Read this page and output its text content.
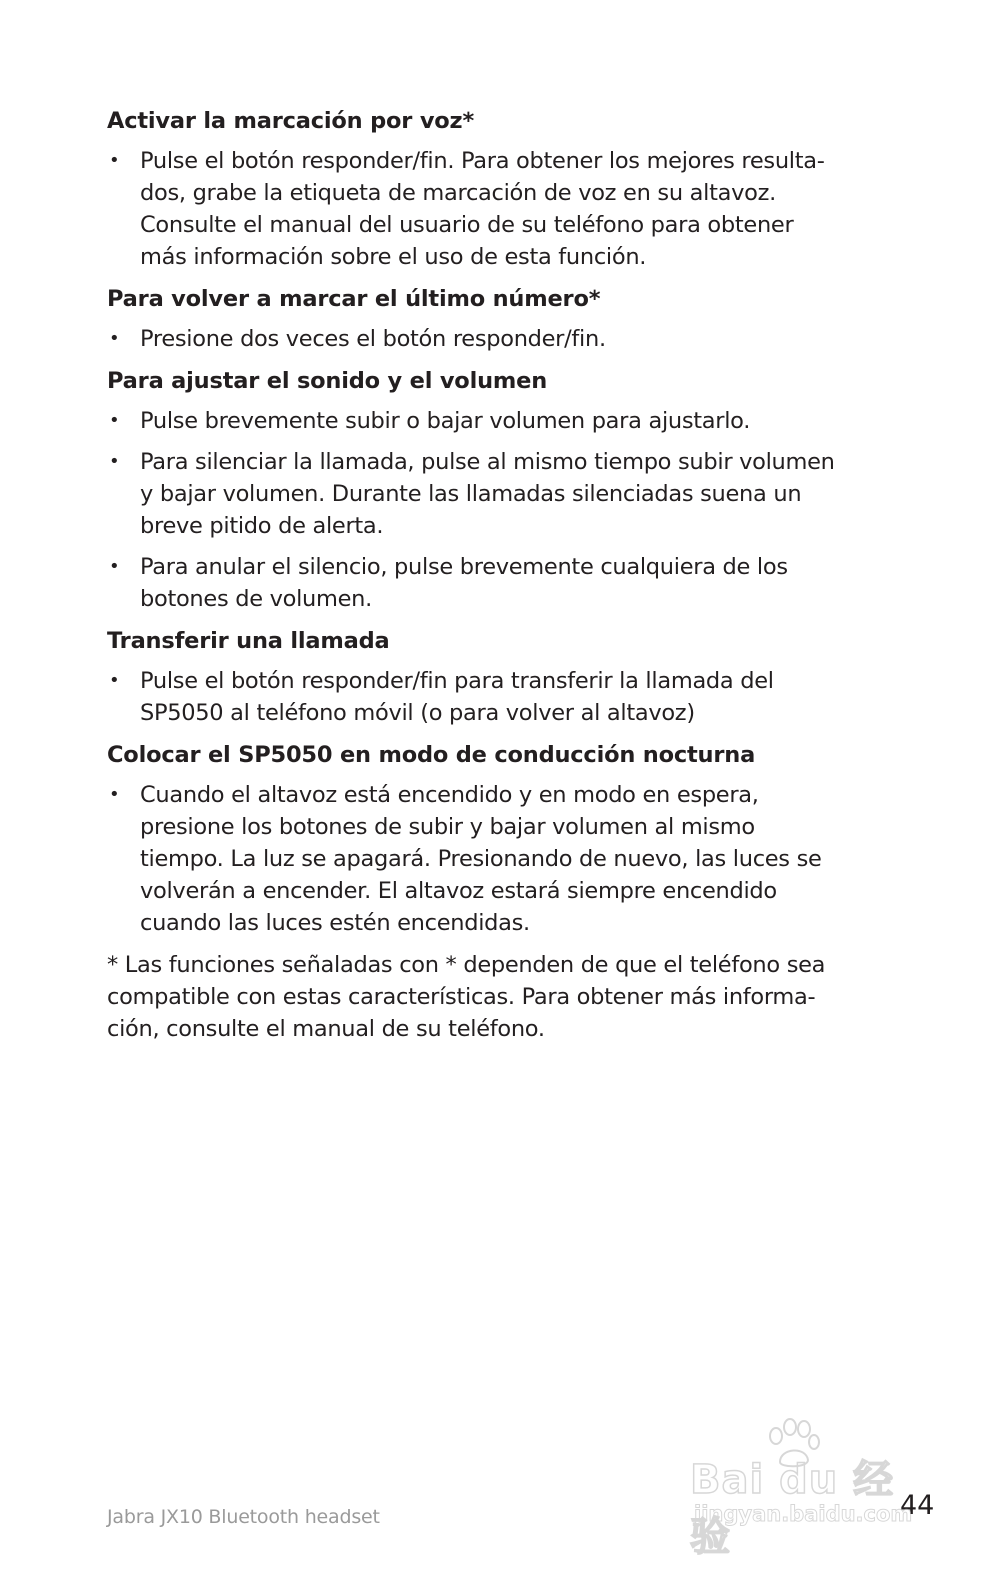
Activar la marcación por voz*
• Pulse el botón responder/fin. Para obtener los mejores resulta-
dos, grabe la etiqueta de marcación de voz en su altavoz.
Consulte el manual del usuario de su teléfono para obtener
más información sobre el uso de esta función.
Para volver a marcar el último número*
• Presione dos veces el botón responder/fin.
Para ajustar el sonido y el volumen
• Pulse brevemente subir o bajar volumen para ajustarlo.
• Para silenciar la llamada, pulse al mismo tiempo subir volumen
y bajar volumen. Durante las llamadas silenciadas suena un
breve pitido de alerta.
• Para anular el silencio, pulse brevemente cualquiera de los
botones de volumen.
Transferir una llamada
• Pulse el botón responder/fin para transferir la llamada del
SP5050 al teléfono móvil (o para volver al altavoz)
Colocar el SP5050 en modo de conducción nocturna
• Cuando el altavoz está encendido y en modo en espera,
presione los botones de subir y bajar volumen al mismo
tiempo. La luz se apagará. Presionando de nuevo, las luces se
volverán a encender. El altavoz estará siempre encendido
cuando las luces estén encendidas.
* Las funciones señaladas con * dependen de que el teléfono sea
compatible con estas características. Para obtener más informa-
ción, consulte el manual de su teléfono.
Jabra JX10 Bluetooth headset	44
Bai du 经验
jingyan.baidu.com
